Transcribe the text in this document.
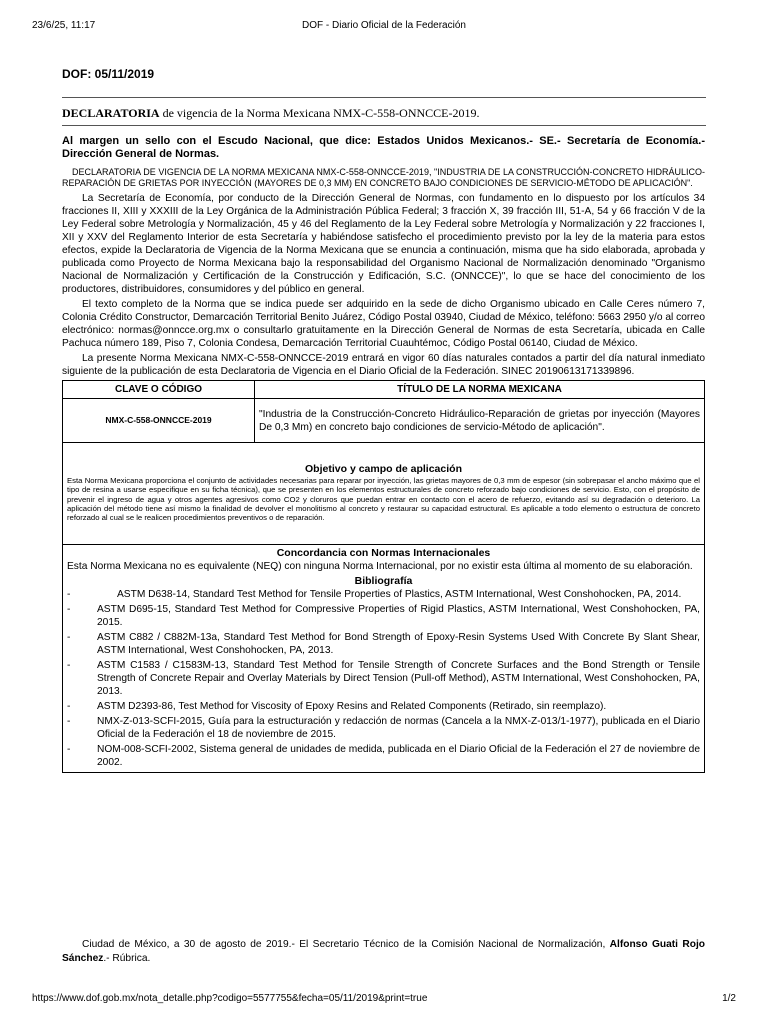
23/6/25, 11:17	DOF - Diario Oficial de la Federación
DOF: 05/11/2019
DECLARATORIA de vigencia de la Norma Mexicana NMX-C-558-ONNCCE-2019.

Al margen un sello con el Escudo Nacional, que dice: Estados Unidos Mexicanos.- SE.- Secretaría de Economía.- Dirección General de Normas.

DECLARATORIA DE VIGENCIA DE LA NORMA MEXICANA NMX-C-558-ONNCCE-2019, "INDUSTRIA DE LA CONSTRUCCIÓN-CONCRETO HIDRÁULICO-REPARACIÓN DE GRIETAS POR INYECCIÓN (MAYORES DE 0,3 MM) EN CONCRETO BAJO CONDICIONES DE SERVICIO-MÉTODO DE APLICACIÓN".

La Secretaría de Economía, por conducto de la Dirección General de Normas, con fundamento en lo dispuesto por los artículos 34 fracciones II, XIII y XXXIII de la Ley Orgánica de la Administración Pública Federal; 3 fracción X, 39 fracción III, 51-A, 54 y 66 fracción V de la Ley Federal sobre Metrología y Normalización, 45 y 46 del Reglamento de la Ley Federal sobre Metrología y Normalización y 22 fracciones I, XII y XXV del Reglamento Interior de esta Secretaría y habiéndose satisfecho el procedimiento previsto por la ley de la materia para estos efectos, expide la Declaratoria de Vigencia de la Norma Mexicana que se enuncia a continuación, misma que ha sido elaborada, aprobada y publicada como Proyecto de Norma Mexicana bajo la responsabilidad del Organismo Nacional de Normalización denominado "Organismo Nacional de Normalización y Certificación de la Construcción y Edificación, S.C. (ONNCCE)", lo que se hace del conocimiento de los productores, distribuidores, consumidores y del público en general.

El texto completo de la Norma que se indica puede ser adquirido en la sede de dicho Organismo ubicado en Calle Ceres número 7, Colonia Crédito Constructor, Demarcación Territorial Benito Juárez, Código Postal 03940, Ciudad de México, teléfono: 5663 2950 y/o al correo electrónico: normas@onncce.org.mx o consultarlo gratuitamente en la Dirección General de Normas de esta Secretaría, ubicada en Calle Pachuca número 189, Piso 7, Colonia Condesa, Demarcación Territorial Cuauhtémoc, Código Postal 06140, Ciudad de México.

La presente Norma Mexicana NMX-C-558-ONNCCE-2019 entrará en vigor 60 días naturales contados a partir del día natural inmediato siguiente de la publicación de esta Declaratoria de Vigencia en el Diario Oficial de la Federación. SINEC 20190613171339896.

CLAVE O CÓDIGO	TÍTULO DE LA NORMA MEXICANA
NMX-C-558-ONNCCE-2019	"Industria de la Construcción-Concreto Hidráulico-Reparación de grietas por inyección (Mayores De 0,3 Mm) en concreto bajo condiciones de servicio-Método de aplicación".

Objetivo y campo de aplicación
Esta Norma Mexicana proporciona el conjunto de actividades necesarias para reparar por inyección, las grietas mayores de 0,3 mm de espesor (sin sobrepasar el ancho máximo que el tipo de resina a usarse especifique en su ficha técnica), que se presenten en los elementos estructurales de concreto reforzado bajo condiciones de servicio. Esto, con el propósito de prevenir el ingreso de agua y otros agentes agresivos como CO2 y cloruros que puedan entrar en contacto con el acero de refuerzo, evitando así su degradación o deterioro. La aplicación del método tiene así mismo la finalidad de devolver el monolitismo al concreto y restaurar su capacidad estructural. Es aplicable a todo elemento o estructura de concreto reforzado al cual se le realicen procedimientos preventivos o de reparación.

Concordancia con Normas Internacionales
Esta Norma Mexicana no es equivalente (NEQ) con ninguna Norma Internacional, por no existir esta última al momento de su elaboración.
Bibliografía
-	ASTM D638-14, Standard Test Method for Tensile Properties of Plastics, ASTM International, West Conshohocken, PA, 2014.
-	ASTM D695-15, Standard Test Method for Compressive Properties of Rigid Plastics, ASTM International, West Conshohocken, PA, 2015.
-	ASTM C882 / C882M-13a, Standard Test Method for Bond Strength of Epoxy-Resin Systems Used With Concrete By Slant Shear, ASTM International, West Conshohocken, PA, 2013.
-	ASTM C1583 / C1583M-13, Standard Test Method for Tensile Strength of Concrete Surfaces and the Bond Strength or Tensile Strength of Concrete Repair and Overlay Materials by Direct Tension (Pull-off Method), ASTM International, West Conshohocken, PA, 2013.
-	ASTM D2393-86, Test Method for Viscosity of Epoxy Resins and Related Components (Retirado, sin reemplazo).
-	NMX-Z-013-SCFI-2015, Guía para la estructuración y redacción de normas (Cancela a la NMX-Z-013/1-1977), publicada en el Diario Oficial de la Federación el 18 de noviembre de 2015.
-	NOM-008-SCFI-2002, Sistema general de unidades de medida, publicada en el Diario Oficial de la Federación el 27 de noviembre de 2002.
Ciudad de México, a 30 de agosto de 2019.- El Secretario Técnico de la Comisión Nacional de Normalización, Alfonso Guati Rojo Sánchez.- Rúbrica.
https://www.dof.gob.mx/nota_detalle.php?codigo=5577755&fecha=05/11/2019&print=true	1/2
